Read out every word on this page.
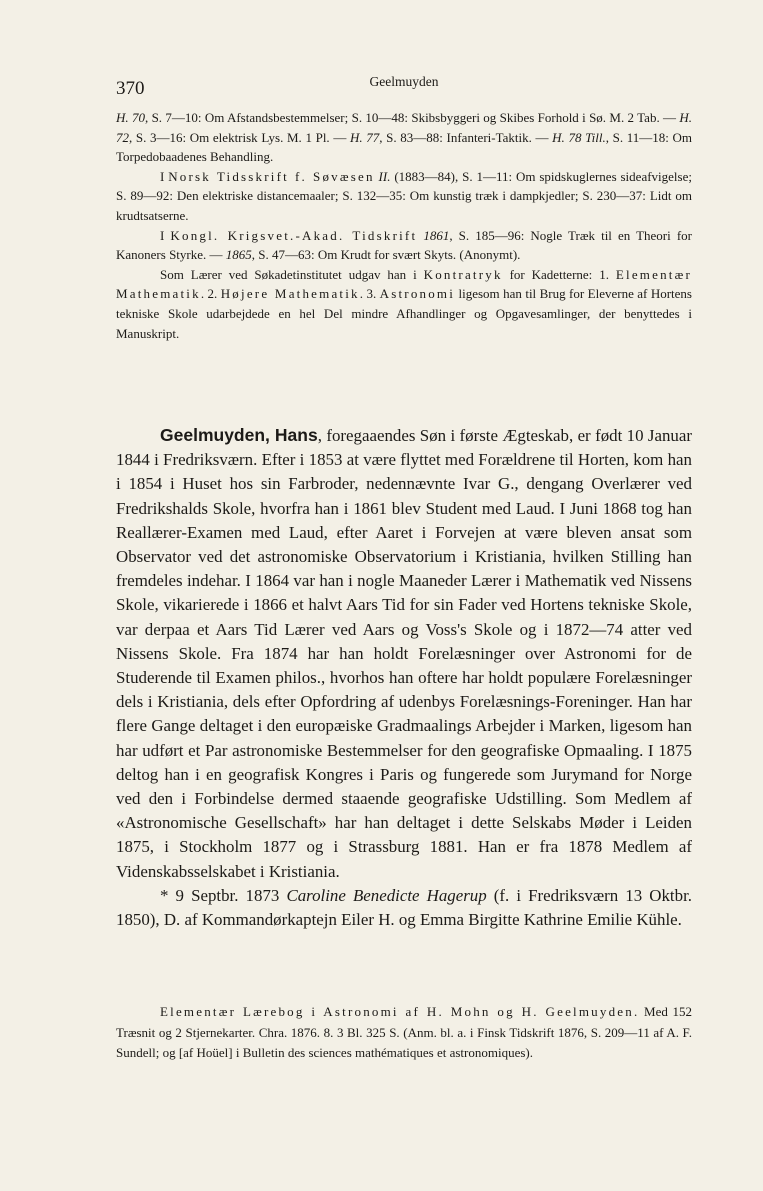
370	Geelmuyden

H. 70, S. 7—10: Om Afstandsbestemmelser; S. 10—48: Skibsbyggeri og Skibes Forhold i Sø. M. 2 Tab. — H. 72, S. 3—16: Om elektrisk Lys. M. 1 Pl. — H. 77, S. 83—88: Infanteri-Taktik. — H. 78 Till., S. 11—18: Om Torpedobaadenes Behandling.

I Norsk Tidsskrift f. Søvæsen II. (1883—84), S. 1—11: Om spidskuglernes sideafvigelse; S. 89—92: Den elektriske distancemaaler; S. 132—35: Om kunstig træk i dampkjedler; S. 230—37: Lidt om krudtsatserne.

I Kongl. Krigsvet.-Akad. Tidskrift 1861, S. 185—96: Nogle Træk til en Theori for Kanoners Styrke. — 1865, S. 47—63: Om Krudt for svært Skyts. (Anonymt).

Som Lærer ved Søkadetinstitutet udgav han i Kontratryk for Kadetterne: 1. Elementær Mathematik. 2. Højere Mathematik. 3. Astronomi ligesom han til Brug for Eleverne af Hortens tekniske Skole udarbejdede en hel Del mindre Afhandlinger og Opgavesamlinger, der benyttedes i Manuskript.

Geelmuyden, Hans, foregaaendes Søn i første Ægteskab, er født 10 Januar 1844 i Fredriksværn. Efter i 1853 at være flyttet med Forældrene til Horten, kom han i 1854 i Huset hos sin Farbroder, nedennævnte Ivar G., dengang Overlærer ved Fredrikshalds Skole, hvorfra han i 1861 blev Student med Laud. I Juni 1868 tog han Reallærer-Examen med Laud, efter Aaret i Forvejen at være bleven ansat som Observator ved det astronomiske Observatorium i Kristiania, hvilken Stilling han fremdeles indehar. I 1864 var han i nogle Maaneder Lærer i Mathematik ved Nissens Skole, vikarierede i 1866 et halvt Aars Tid for sin Fader ved Hortens tekniske Skole, var derpaa et Aars Tid Lærer ved Aars og Voss's Skole og i 1872—74 atter ved Nissens Skole. Fra 1874 har han holdt Forelæsninger over Astronomi for de Studerende til Examen philos., hvorhos han oftere har holdt populære Forelæsninger dels i Kristiania, dels efter Opfordring af udenbys Forelæsnings-Foreninger. Han har flere Gange deltaget i den europæiske Gradmaalings Arbejder i Marken, ligesom han har udført et Par astronomiske Bestemmelser for den geografiske Opmaaling. I 1875 deltog han i en geografisk Kongres i Paris og fungerede som Jurymand for Norge ved den i Forbindelse dermed staaende geografiske Udstilling. Som Medlem af «Astronomische Gesellschaft» har han deltaget i dette Selskabs Møder i Leiden 1875, i Stockholm 1877 og i Strassburg 1881. Han er fra 1878 Medlem af Videnskabsselskabet i Kristiania.

* 9 Septbr. 1873 Caroline Benedicte Hagerup (f. i Fredriksværn 13 Oktbr. 1850), D. af Kommandørkaptejn Eiler H. og Emma Birgitte Kathrine Emilie Kühle.

Elementær Lærebog i Astronomi af H. Mohn og H. Geelmuyden. Med 152 Træsnit og 2 Stjernekarter. Chra. 1876. 8. 3 Bl. 325 S. (Anm. bl. a. i Finsk Tidskrift 1876, S. 209—11 af A. F. Sundell; og [af Hoüel] i Bulletin des sciences mathématiques et astronomiques).
